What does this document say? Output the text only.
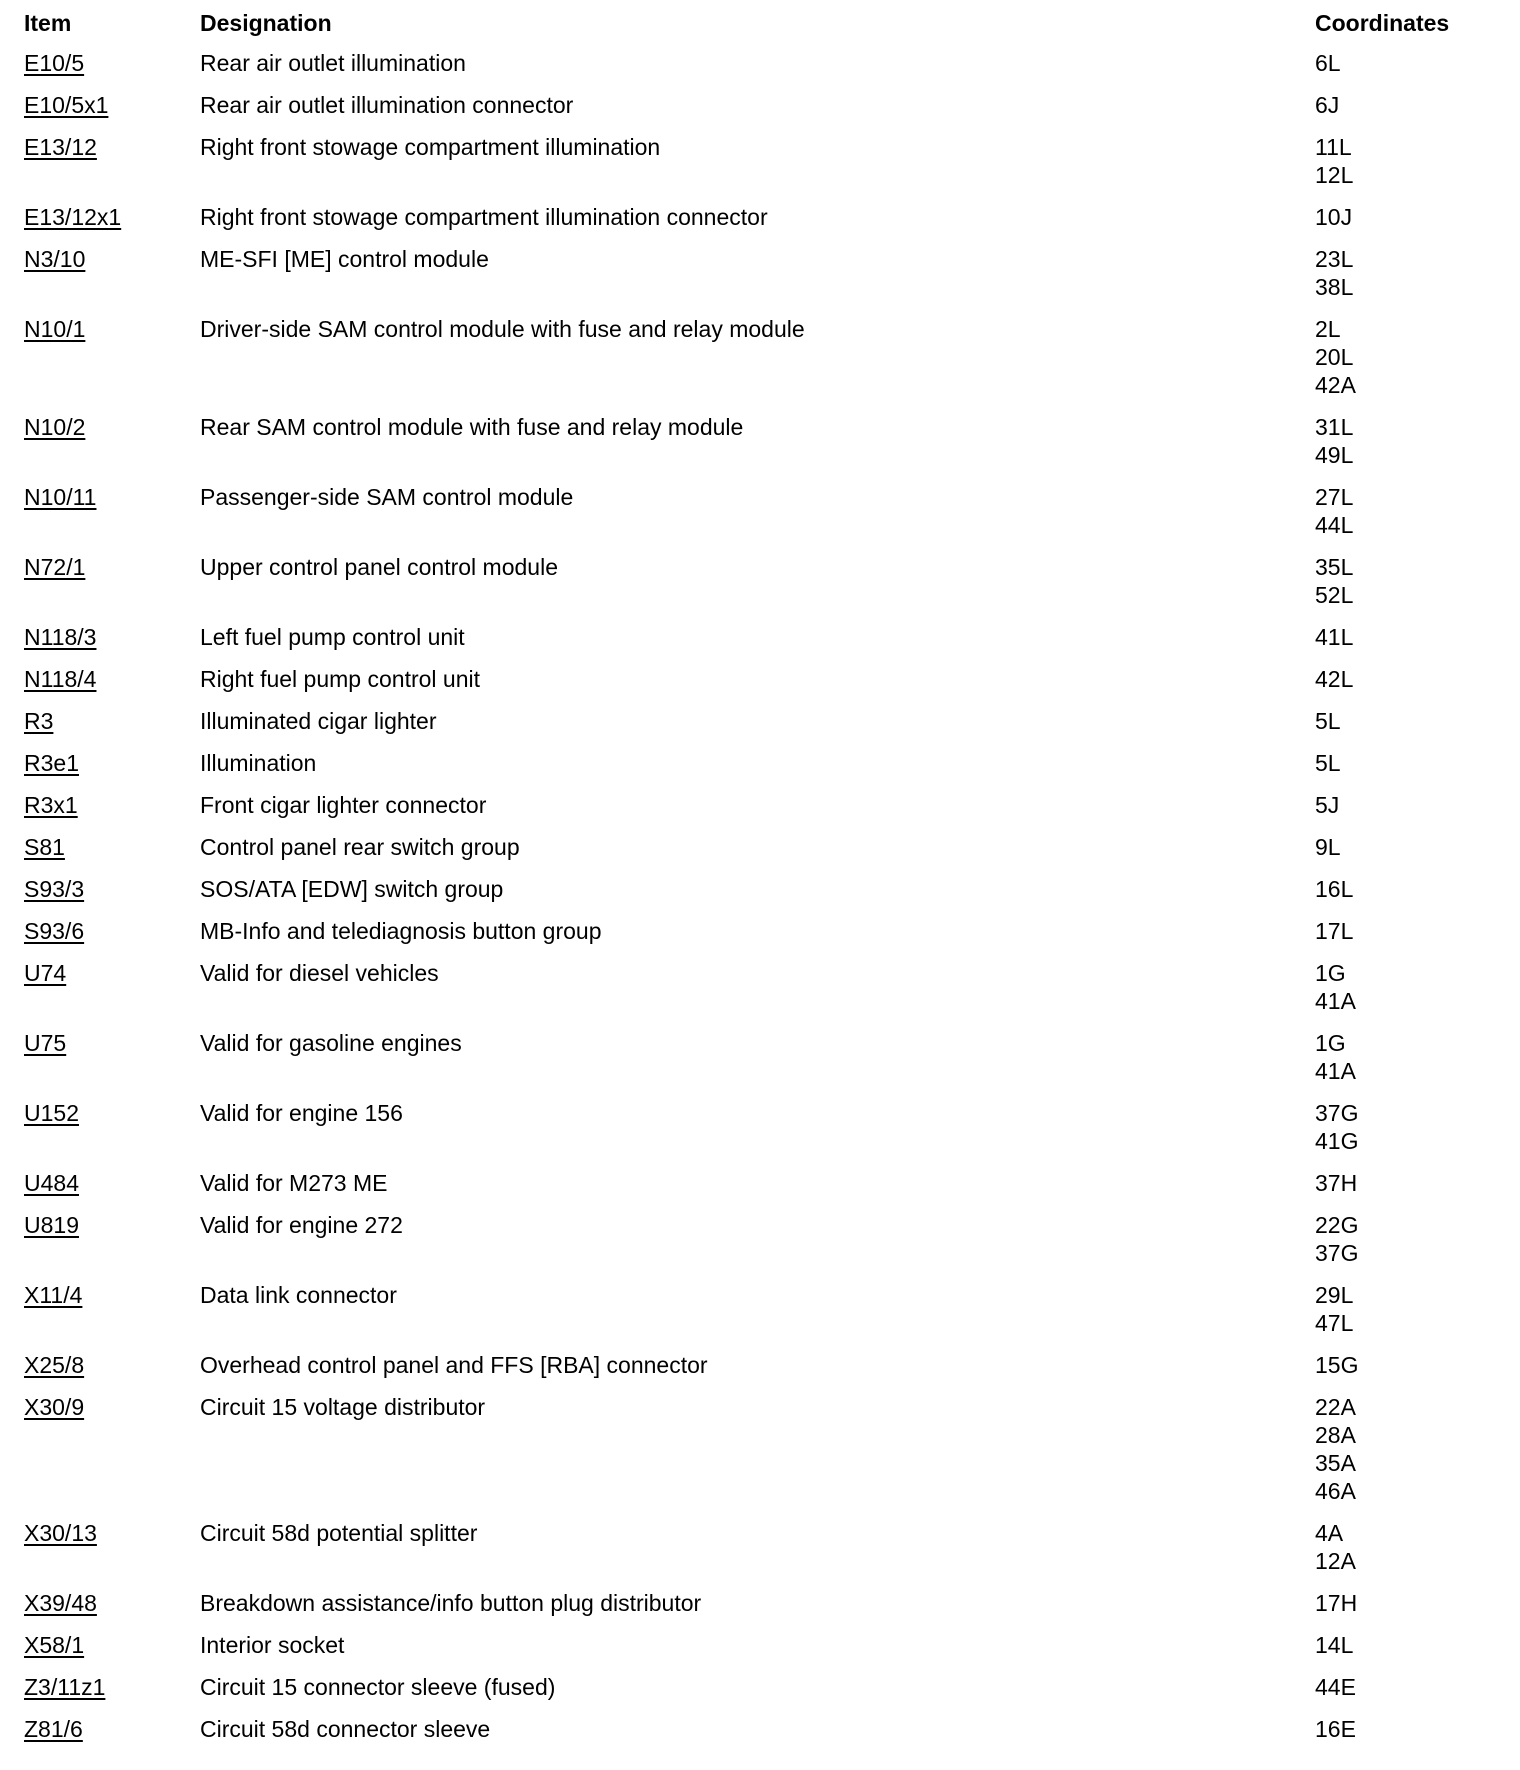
Item	Designation	Coordinates
E10/5	Rear air outlet illumination	6L
E10/5x1	Rear air outlet illumination connector	6J
E13/12	Right front stowage compartment illumination	11L
12L
E13/12x1	Right front stowage compartment illumination connector	10J
N3/10	ME-SFI [ME] control module	23L
38L
N10/1	Driver-side SAM control module with fuse and relay module	2L
20L
42A
N10/2	Rear SAM control module with fuse and relay module	31L
49L
N10/11	Passenger-side SAM control module	27L
44L
N72/1	Upper control panel control module	35L
52L
N118/3	Left fuel pump control unit	41L
N118/4	Right fuel pump control unit	42L
R3	Illuminated cigar lighter	5L
R3e1	Illumination	5L
R3x1	Front cigar lighter connector	5J
S81	Control panel rear switch group	9L
S93/3	SOS/ATA [EDW] switch group	16L
S93/6	MB-Info and telediagnosis button group	17L
U74	Valid for diesel vehicles	1G
41A
U75	Valid for gasoline engines	1G
41A
U152	Valid for engine 156	37G
41G
U484	Valid for M273 ME	37H
U819	Valid for engine 272	22G
37G
X11/4	Data link connector	29L
47L
X25/8	Overhead control panel and FFS [RBA] connector	15G
X30/9	Circuit 15 voltage distributor	22A
28A
35A
46A
X30/13	Circuit 58d potential splitter	4A
12A
X39/48	Breakdown assistance/info button plug distributor	17H
X58/1	Interior socket	14L
Z3/11z1	Circuit 15 connector sleeve (fused)	44E
Z81/6	Circuit 58d connector sleeve	16E
